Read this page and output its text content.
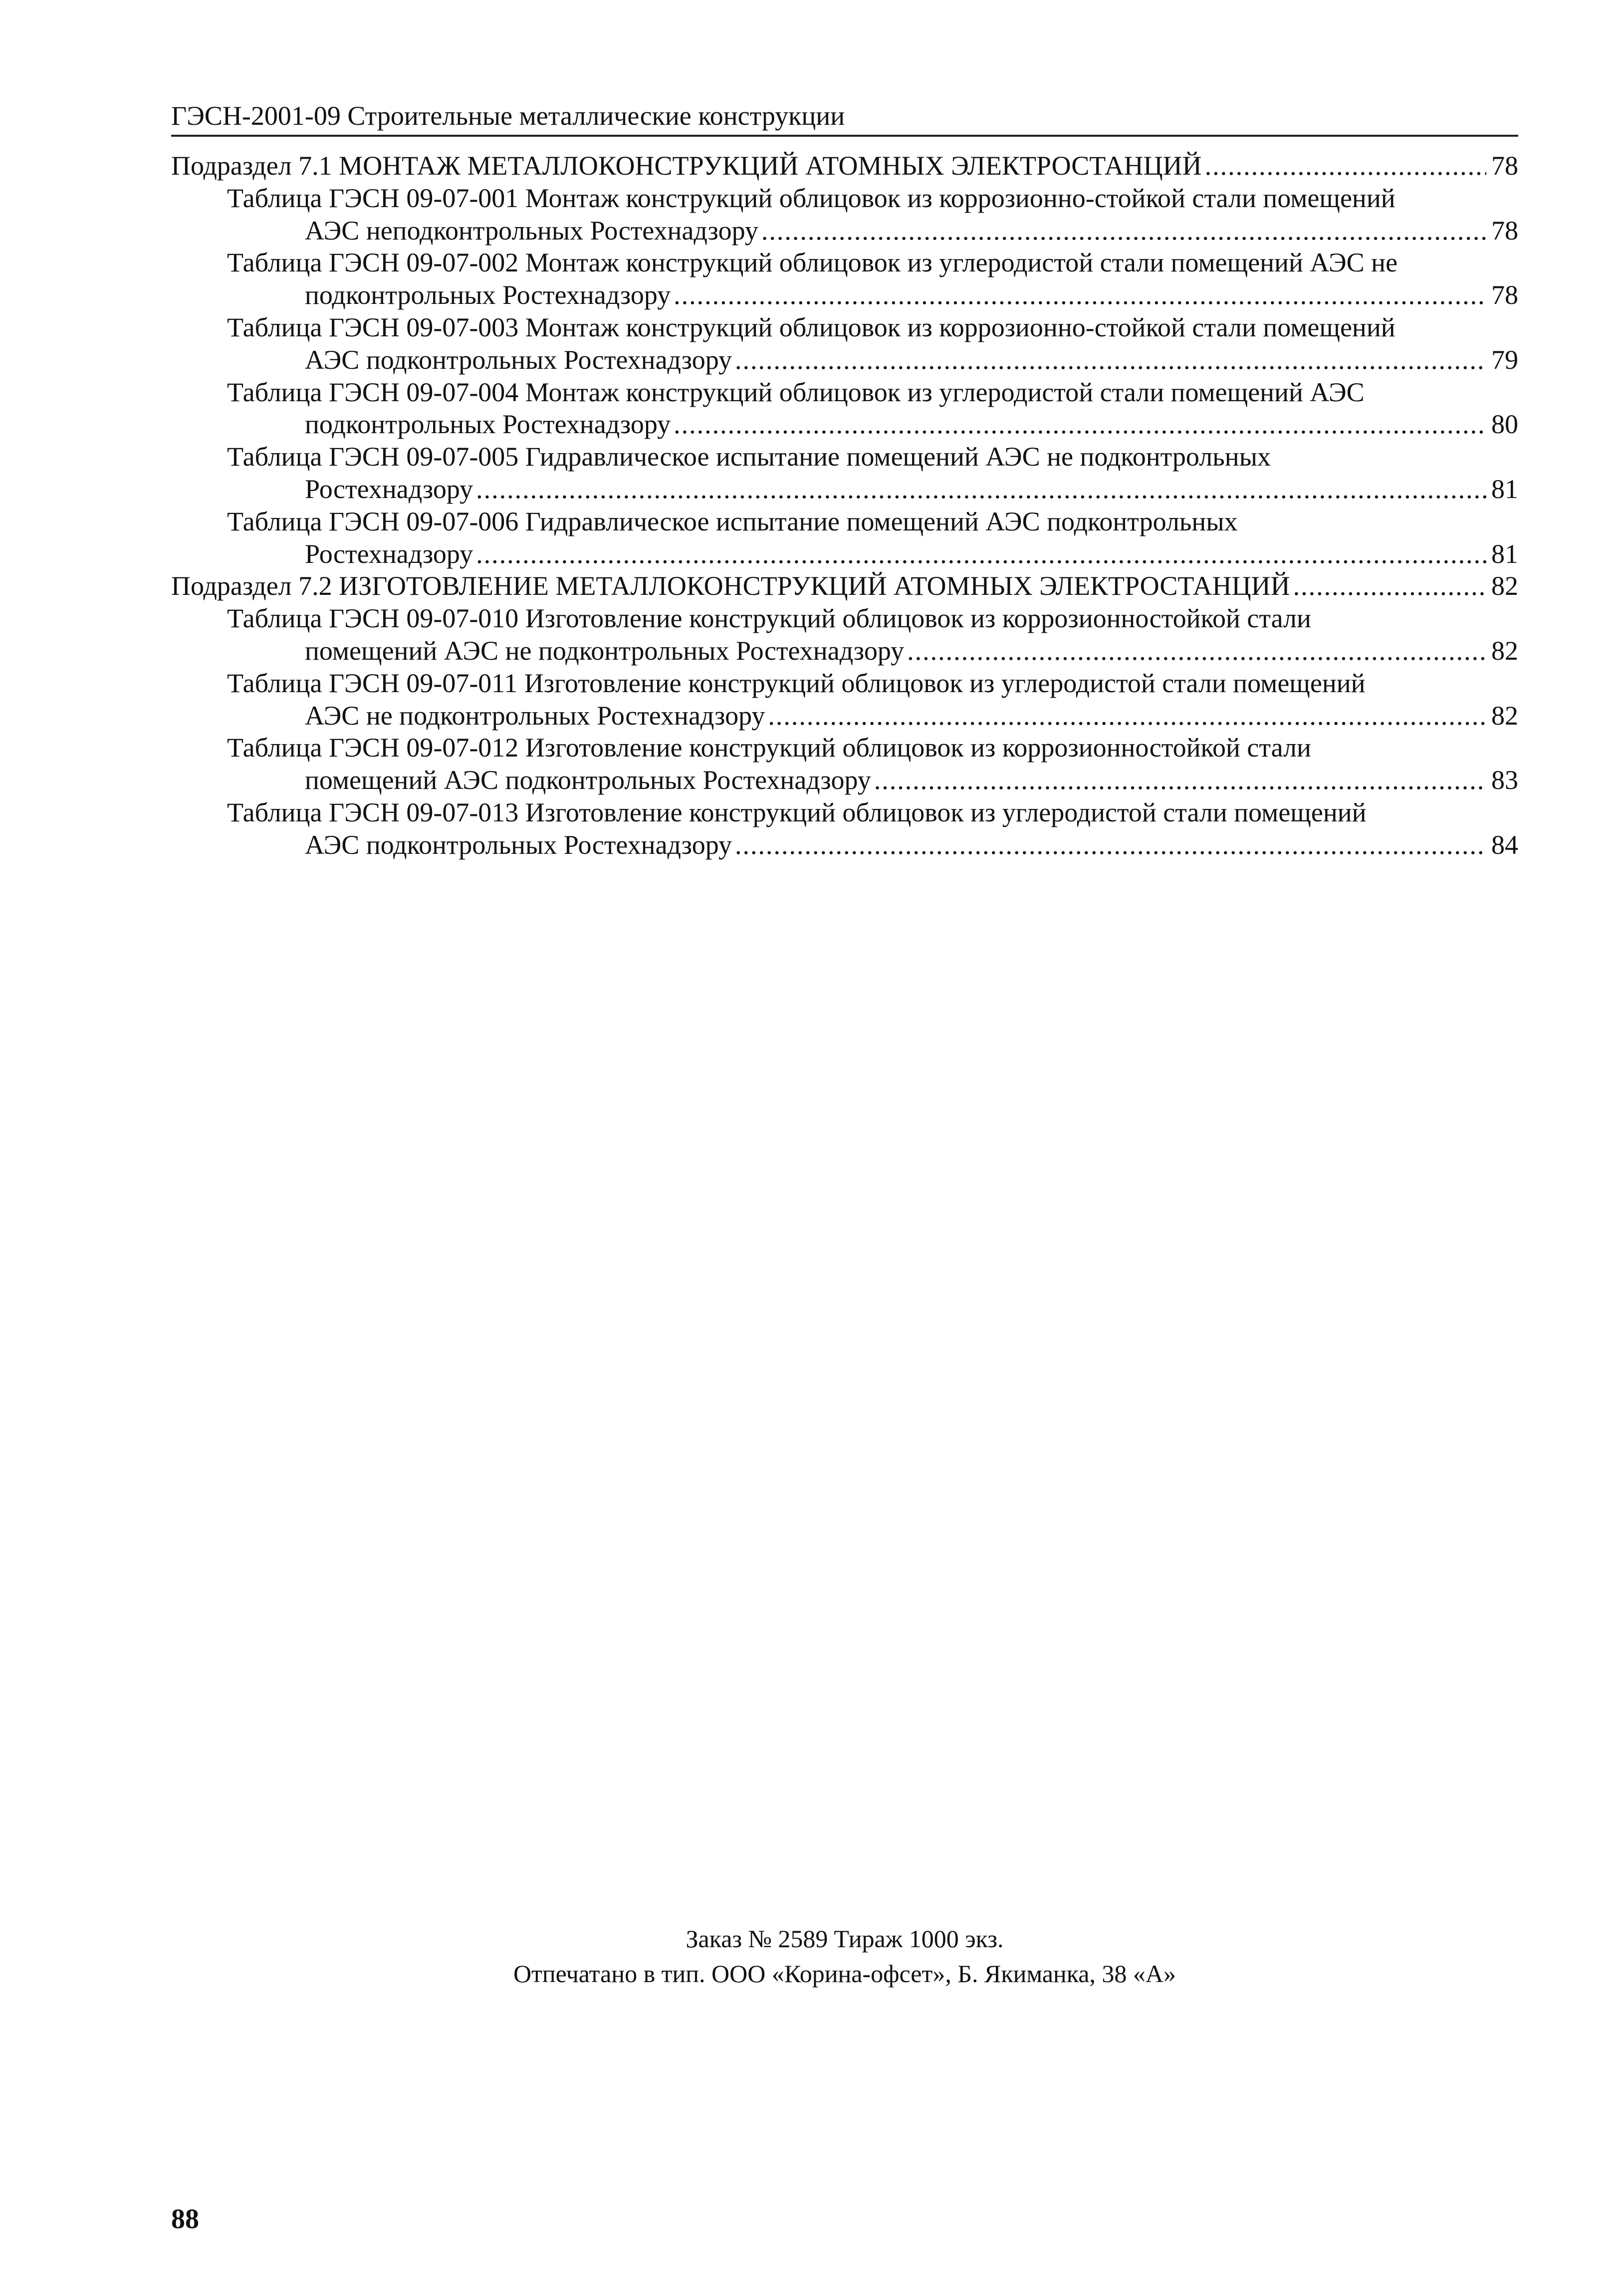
ГЭСН-2001-09 Строительные металлические конструкции
Подраздел 7.1 МОНТАЖ МЕТАЛЛОКОНСТРУКЦИЙ АТОМНЫХ ЭЛЕКТРОСТАНЦИЙ .....	78
Таблица ГЭСН 09-07-001 Монтаж конструкций облицовок из коррозионно-стойкой стали помещений
АЭС неподконтрольных Ростехнадзору .....	78
Таблица ГЭСН 09-07-002 Монтаж конструкций облицовок из углеродистой стали помещений АЭС не
подконтрольных Ростехнадзору .....	78
Таблица ГЭСН 09-07-003 Монтаж конструкций облицовок из коррозионно-стойкой стали помещений
АЭС подконтрольных Ростехнадзору .....	79
Таблица ГЭСН 09-07-004 Монтаж конструкций облицовок из углеродистой стали помещений АЭС
подконтрольных Ростехнадзору .....	80
Таблица ГЭСН 09-07-005 Гидравлическое испытание помещений АЭС не подконтрольных
Ростехнадзору .....	81
Таблица ГЭСН 09-07-006 Гидравлическое испытание помещений АЭС подконтрольных
Ростехнадзору .....	81
Подраздел 7.2 ИЗГОТОВЛЕНИЕ МЕТАЛЛОКОНСТРУКЦИЙ АТОМНЫХ ЭЛЕКТРОСТАНЦИЙ .....	82
Таблица ГЭСН 09-07-010 Изготовление конструкций облицовок из коррозионностойкой стали
помещений АЭС не подконтрольных Ростехнадзору .....	82
Таблица ГЭСН 09-07-011 Изготовление конструкций облицовок из углеродистой стали помещений
АЭС не подконтрольных Ростехнадзору .....	82
Таблица ГЭСН 09-07-012 Изготовление конструкций облицовок из коррозионностойкой стали
помещений АЭС подконтрольных Ростехнадзору .....	83
Таблица ГЭСН 09-07-013 Изготовление конструкций облицовок из углеродистой стали помещений
АЭС подконтрольных Ростехнадзору .....	84
Заказ № 2589 Тираж 1000 экз.
Отпечатано в тип. ООО «Корина-офсет», Б. Якиманка, 38 «А»
88
